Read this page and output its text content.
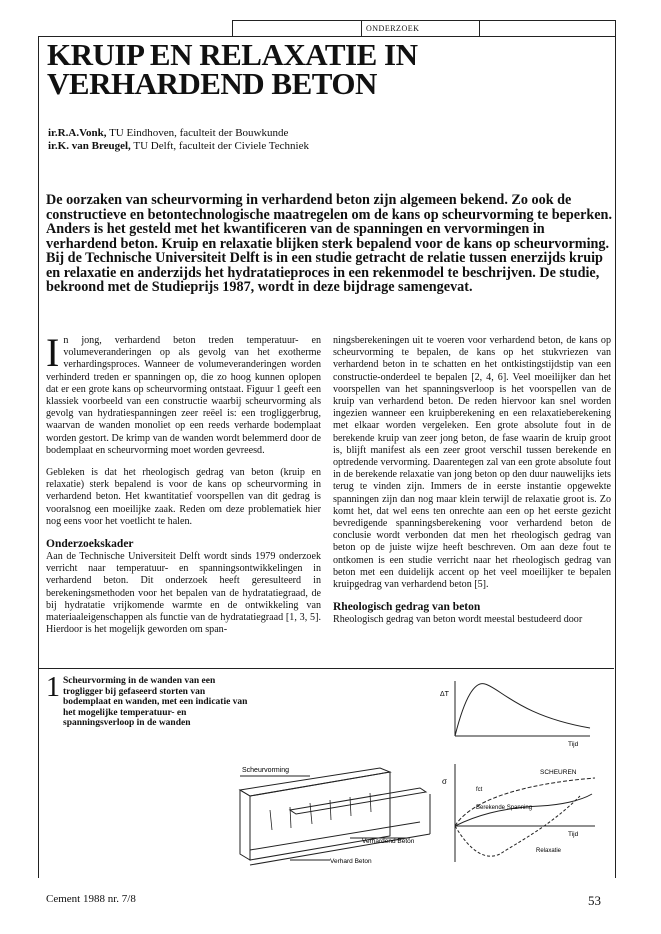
ONDERZOEK
KRUIP EN RELAXATIE IN
VERHARDEND BETON
ir.R.A.Vonk, TU Eindhoven, faculteit der Bouwkunde
ir.K. van Breugel, TU Delft, faculteit der Civiele Techniek
De oorzaken van scheurvorming in verhardend beton zijn algemeen bekend. Zo ook de constructieve en betontechnologische maatregelen om de kans op scheurvorming te beperken. Anders is het gesteld met het kwantificeren van de spanningen en vervormingen in verhardend beton. Kruip en relaxatie blijken sterk bepalend voor de kans op scheurvorming. Bij de Technische Universiteit Delft is in een studie getracht de relatie tussen enerzijds kruip en relaxatie en anderzijds het hydratatieproces in een rekenmodel te beschrijven. De studie, bekroond met de Studieprijs 1987, wordt in deze bijdrage samengevat.

In jong, verhardend beton treden temperatuur- en volumeveranderingen op als gevolg van het exotherme verhardingsproces. Wanneer de volumeveranderingen worden verhinderd treden er spanningen op, die zo hoog kunnen oplopen dat er een grote kans op scheurvorming ontstaat. Figuur 1 geeft een klassiek voorbeeld van een constructie waarbij scheurvorming als gevolg van hydratiespanningen zeer reëel is: een trogliggerbrug, waarvan de wanden monoliet op een reeds verharde bodemplaat worden gestort. De krimp van de wanden wordt belemmerd door de bodemplaat en scheurvorming moet worden gevreesd.

Gebleken is dat het rheologisch gedrag van beton (kruip en relaxatie) sterk bepalend is voor de kans op scheurvorming in verhardend beton. Het kwantitatief voorspellen van dit gedrag is vooralsnog een moeilijke zaak. Reden om deze problematiek hier nog eens voor het voetlicht te halen.

Onderzoekskader

Aan de Technische Universiteit Delft wordt sinds 1979 onderzoek verricht naar temperatuur- en spanningsontwikkelingen in verhardend beton. Dit onderzoek heeft geresulteerd in berekeningsmethoden voor het bepalen van de hydratatiegraad, de bij hydratatie vrijkomende warmte en de ontwikkeling van materiaaleigenschappen als functie van de hydratatiegraad [1, 3, 5]. Hierdoor is het mogelijk geworden om span-

ningsberekeningen uit te voeren voor verhardend beton, de kans op scheurvorming te bepalen, de kans op het stukvriezen van verhardend beton in te schatten en het ontkistingstijdstip van een constructie-onderdeel te bepalen [2, 4, 6]. Veel moeilijker dan het voorspellen van het spanningsverloop is het voorspellen van de kruip van verhardend beton. De reden hiervoor kan snel worden ingezien wanneer een kruipberekening en een relaxatieberekening met elkaar worden vergeleken. Een grote absolute fout in de berekende kruip van zeer jong beton, de fase waarin de kruip groot is, blijft manifest als een zeer groot verschil tussen berekende en optredende vervorming. Daarentegen zal van een grote absolute fout in de berekende relaxatie van jong beton op den duur nauwelijks iets terug te vinden zijn. Immers de in eerste instantie opgewekte spanningen zijn dan nog maar klein terwijl de relaxatie groot is. Zo komt het, dat wel eens ten onrechte aan een op het eerste gezicht bevredigende spanningsberekening voor verhardend beton de conclusie wordt verbonden dat men het rheologisch gedrag van beton op de juiste wijze heeft beschreven. Om aan deze fout te ontkomen is een studie verricht naar het rheologisch gedrag van beton met een duidelijk accent op het veel moeilijker te bepalen kruipgedrag van verhardend beton [5].

Rheologisch gedrag van beton

Rheologisch gedrag van beton wordt meestal bestudeerd door

1 Scheurvorming in de wanden van een trogligger bij gefaseerd storten van bodemplaat en wanden, met een indicatie van het mogelijke temperatuur- en spanningsverloop in de wanden
Scheurvorming
Verhardend Beton
Verhard Beton
ΔT
Tijd
σ
SCHEUREN
fct
Berekende Spanning
Tijd
Relaxatie
Cement 1988 nr. 7/8	53
